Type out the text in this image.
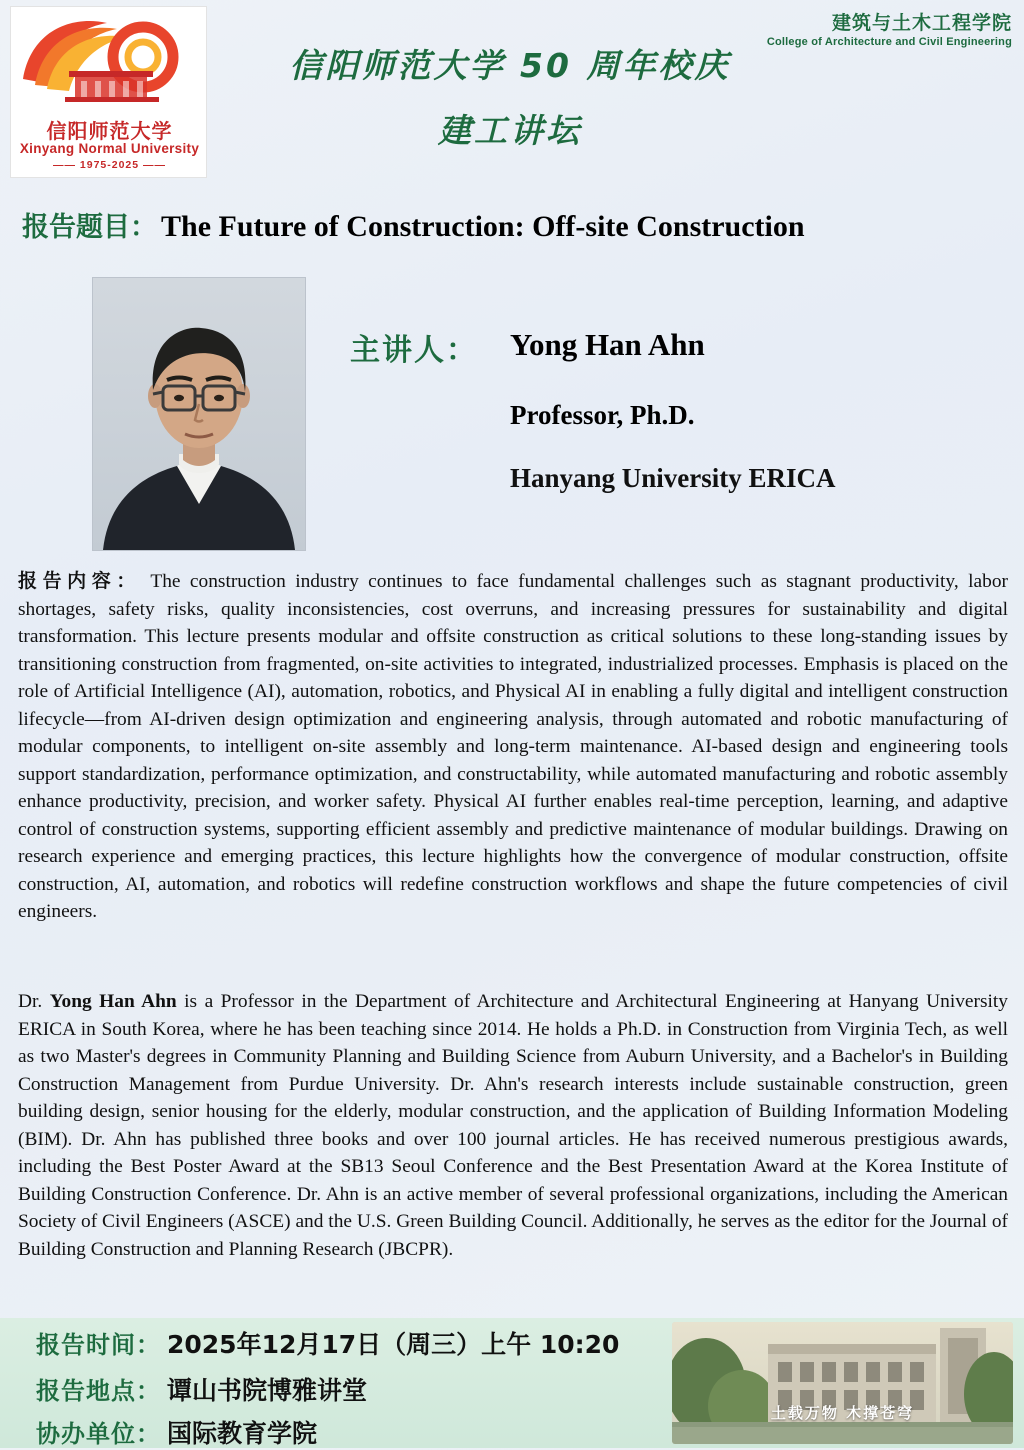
信阳师范大学
Xinyang Normal University
—— 1975-2025 ——
建筑与土木工程学院
College of Architecture and Civil Engineering
信阳师范大学 50 周年校庆
建工讲坛
报告题目： The Future of Construction: Off-site Construction
主讲人： Yong Han Ahn
Professor, Ph.D.
Hanyang University ERICA
报告内容： The construction industry continues to face fundamental challenges such as stagnant productivity, labor shortages, safety risks, quality inconsistencies, cost overruns, and increasing pressures for sustainability and digital transformation. This lecture presents modular and offsite construction as critical solutions to these long-standing issues by transitioning construction from fragmented, on-site activities to integrated, industrialized processes. Emphasis is placed on the role of Artificial Intelligence (AI), automation, robotics, and Physical AI in enabling a fully digital and intelligent construction lifecycle—from AI-driven design optimization and engineering analysis, through automated and robotic manufacturing of modular components, to intelligent on-site assembly and long-term maintenance. AI-based design and engineering tools support standardization, performance optimization, and constructability, while automated manufacturing and robotic assembly enhance productivity, precision, and worker safety. Physical AI further enables real-time perception, learning, and adaptive control of construction systems, supporting efficient assembly and predictive maintenance of modular buildings. Drawing on research experience and emerging practices, this lecture highlights how the convergence of modular construction, offsite construction, AI, automation, and robotics will redefine construction workflows and shape the future competencies of civil engineers.
Dr. Yong Han Ahn is a Professor in the Department of Architecture and Architectural Engineering at Hanyang University ERICA in South Korea, where he has been teaching since 2014. He holds a Ph.D. in Construction from Virginia Tech, as well as two Master's degrees in Community Planning and Building Science from Auburn University, and a Bachelor's in Building Construction Management from Purdue University. Dr. Ahn's research interests include sustainable construction, green building design, senior housing for the elderly, modular construction, and the application of Building Information Modeling (BIM). Dr. Ahn has published three books and over 100 journal articles. He has received numerous prestigious awards, including the Best Poster Award at the SB13 Seoul Conference and the Best Presentation Award at the Korea Institute of Building Construction Conference. Dr. Ahn is an active member of several professional organizations, including the American Society of Civil Engineers (ASCE) and the U.S. Green Building Council. Additionally, he serves as the editor for the Journal of Building Construction and Planning Research (JBCPR).
报告时间： 2025年12月17日（周三）上午 10:20
报告地点： 谭山书院博雅讲堂
协办单位： 国际教育学院
土载万物 木撑苍穹
